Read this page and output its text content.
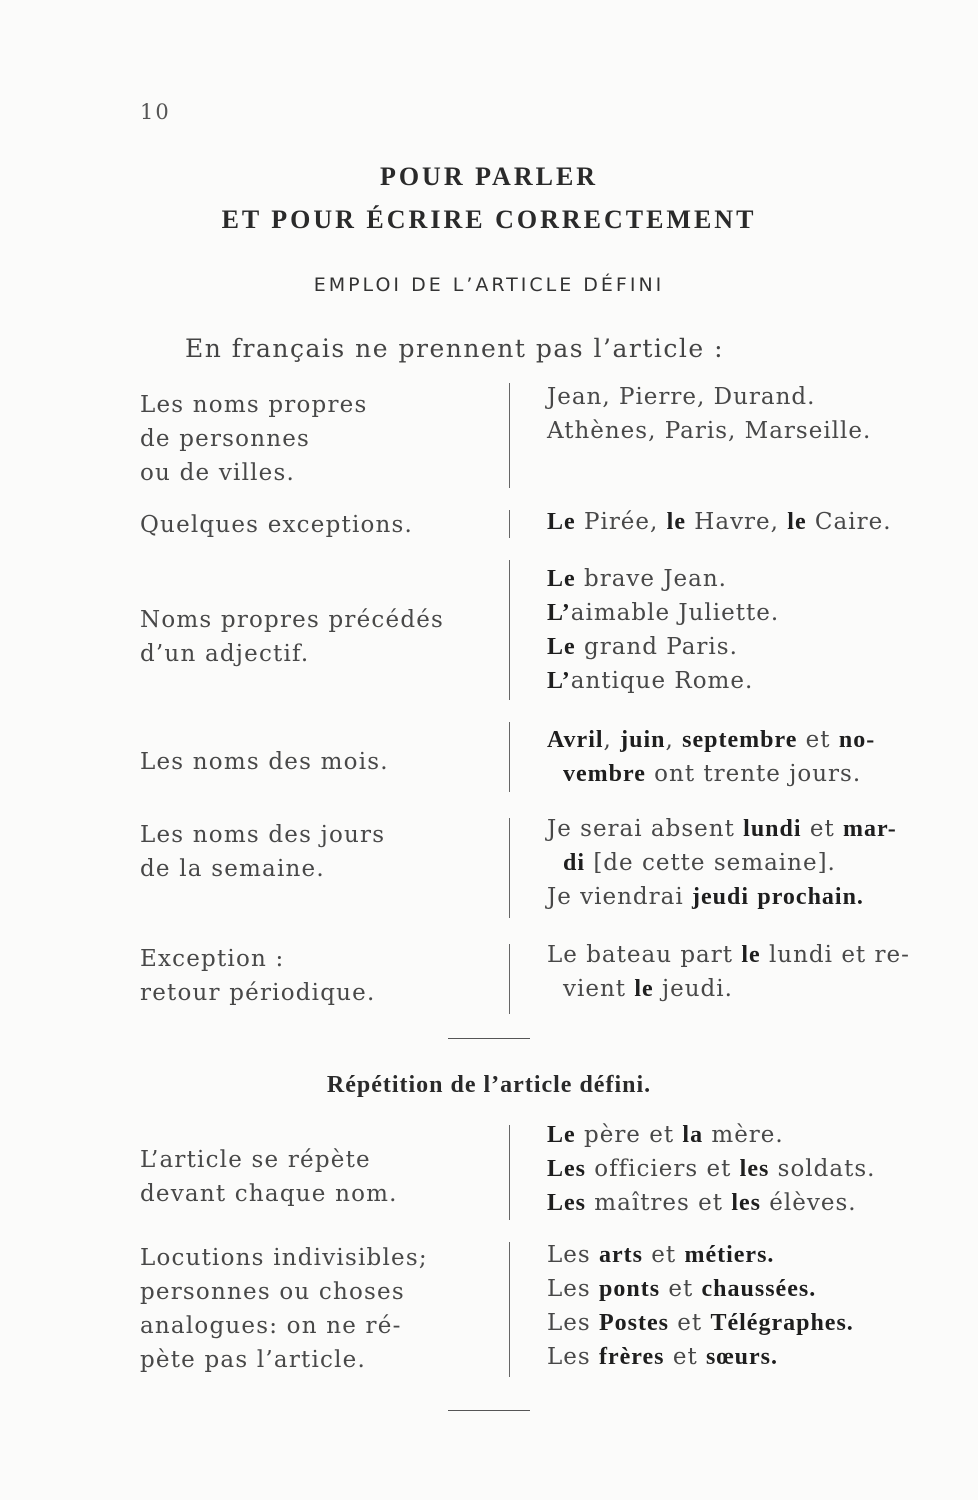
10
POUR PARLER
ET POUR ÉCRIRE CORRECTEMENT
EMPLOI DE L’ARTICLE DÉFINI
En français ne prennent pas l’article :
Les noms propres
de personnes
ou de villes.
Jean, Pierre, Durand.
Athènes, Paris, Marseille.
Quelques exceptions.	Le Pirée, le Havre, le Caire.
Noms propres précédés
d’un adjectif.
Le brave Jean.
L’aimable Juliette.
Le grand Paris.
L’antique Rome.
Les noms des mois.
Avril, juin, septembre et no-
vembre ont trente jours.
Les noms des jours
de la semaine.
Je serai absent lundi et mar-
di [de cette semaine].
Je viendrai jeudi prochain.
Exception :
retour périodique.
Le bateau part le lundi et re-
vient le jeudi.
L’article se répète
devant chaque nom.
Le père et la mère.
Les officiers et les soldats.
Les maîtres et les élèves.
Locutions indivisibles;
personnes ou choses
analogues: on ne ré-
pète pas l’article.
Les arts et métiers.
Les ponts et chaussées.
Les Postes et Télégraphes.
Les frères et sœurs.
Répétition de l’article défini.
